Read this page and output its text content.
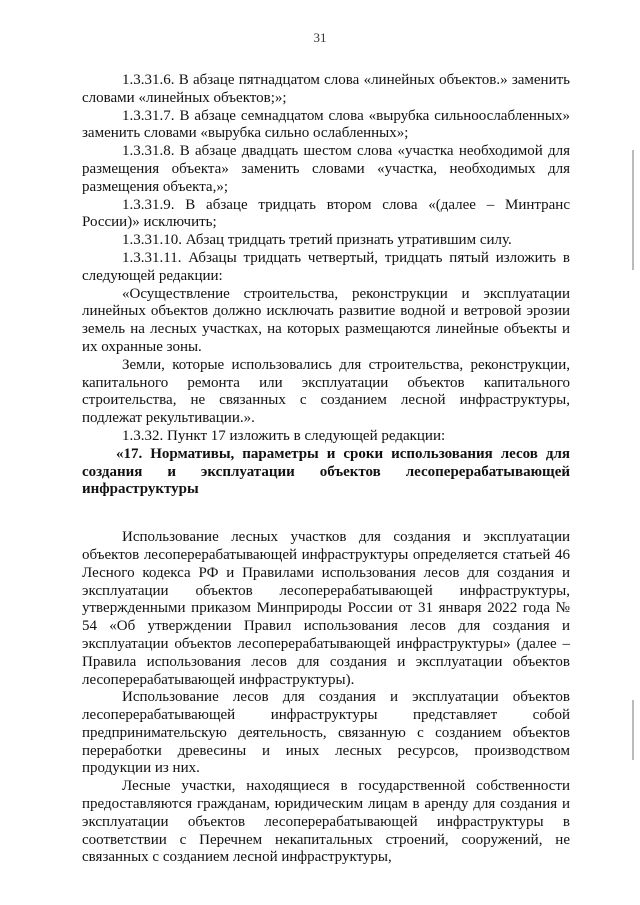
31

1.3.31.6. В абзаце пятнадцатом слова «линейных объектов.» заменить словами «линейных объектов;»;

1.3.31.7. В абзаце семнадцатом слова «вырубка сильноослабленных» заменить словами «вырубка сильно ослабленных»;

1.3.31.8. В абзаце двадцать шестом слова «участка необходимой для размещения объекта» заменить словами «участка, необходимых для размещения объекта,»;

1.3.31.9. В абзаце тридцать втором слова «(далее – Минтранс России)» исключить;

1.3.31.10. Абзац тридцать третий признать утратившим силу.

1.3.31.11. Абзацы тридцать четвертый, тридцать пятый изложить в следующей редакции:

«Осуществление строительства, реконструкции и эксплуатации линейных объектов должно исключать развитие водной и ветровой эрозии земель на лесных участках, на которых размещаются линейные объекты и их охранные зоны.

Земли, которые использовались для строительства, реконструкции, капитального ремонта или эксплуатации объектов капитального строительства, не связанных с созданием лесной инфраструктуры, подлежат рекультивации.».

1.3.32. Пункт 17 изложить в следующей редакции:

«17. Нормативы, параметры и сроки использования лесов для создания и эксплуатации объектов лесоперерабатывающей инфраструктуры

Использование лесных участков для создания и эксплуатации объектов лесоперерабатывающей инфраструктуры определяется статьей 46 Лесного кодекса РФ и Правилами использования лесов для создания и эксплуатации объектов лесоперерабатывающей инфраструктуры, утвержденными приказом Минприроды России от 31 января 2022 года № 54 «Об утверждении Правил использования лесов для создания и эксплуатации объектов лесоперерабатывающей инфраструктуры» (далее – Правила использования лесов для создания и эксплуатации объектов лесоперерабатывающей инфраструктуры).

Использование лесов для создания и эксплуатации объектов лесоперерабатывающей инфраструктуры представляет собой предпринимательскую деятельность, связанную с созданием объектов переработки древесины и иных лесных ресурсов, производством продукции из них.

Лесные участки, находящиеся в государственной собственности предоставляются гражданам, юридическим лицам в аренду для создания и эксплуатации объектов лесоперерабатывающей инфраструктуры в соответствии с Перечнем некапитальных строений, сооружений, не связанных с созданием лесной инфраструктуры,
